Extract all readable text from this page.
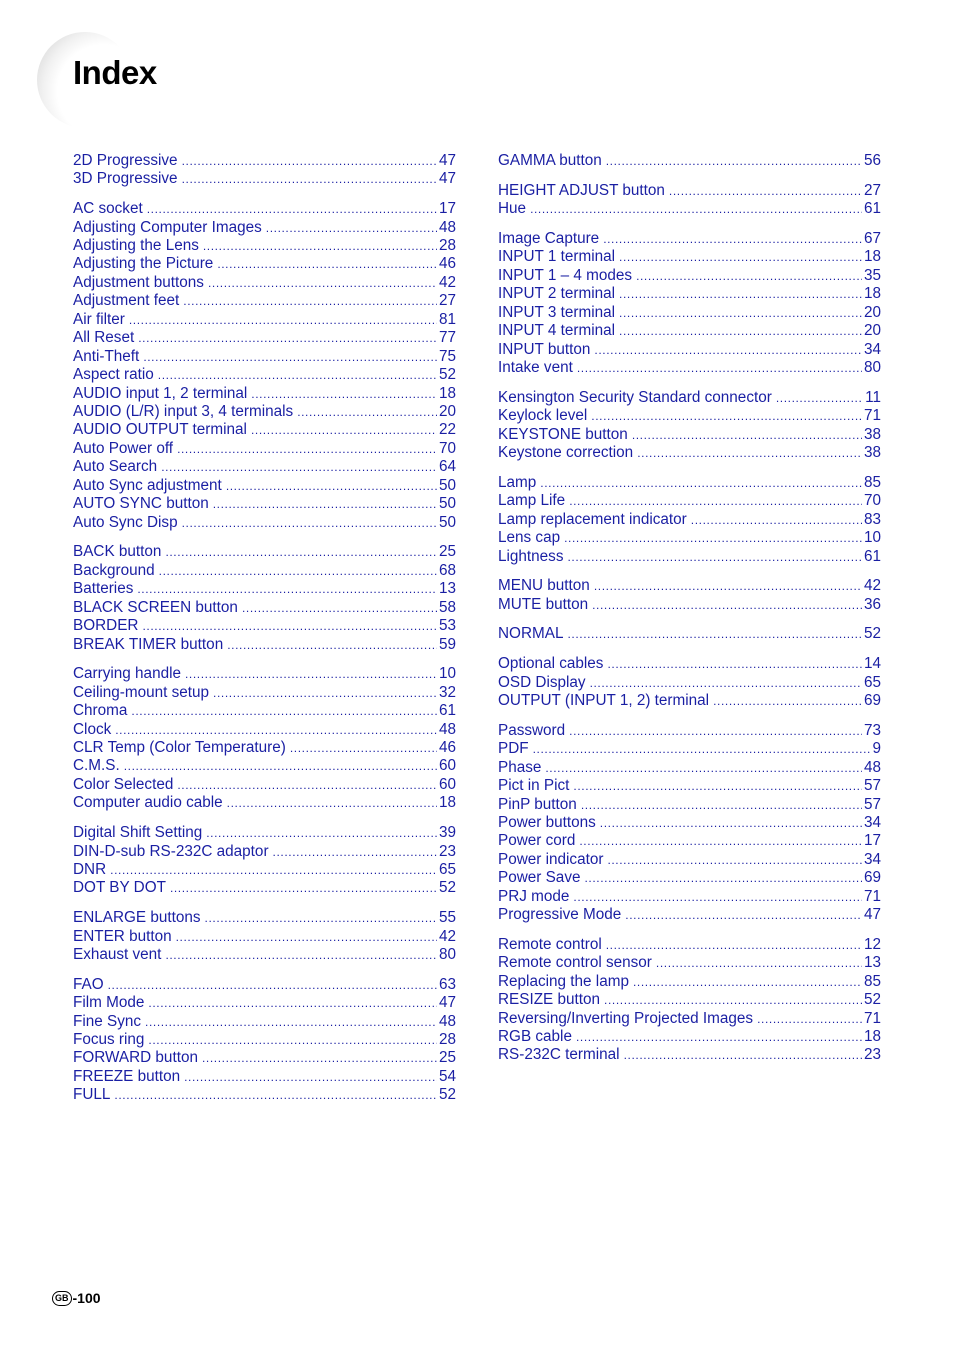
Index
2D Progressive .....	47
3D Progressive .....	47
AC socket .....	17
Adjusting Computer Images .....	48
Adjusting the Lens .....	28
Adjusting the Picture .....	46
Adjustment buttons .....	42
Adjustment feet .....	27
Air filter .....	81
All Reset .....	77
Anti-Theft .....	75
Aspect ratio .....	52
AUDIO input 1, 2 terminal .....	18
AUDIO (L/R) input 3, 4 terminals .....	20
AUDIO OUTPUT terminal .....	22
Auto Power off .....	70
Auto Search .....	64
Auto Sync adjustment .....	50
AUTO SYNC button .....	50
Auto Sync Disp .....	50
BACK button .....	25
Background .....	68
Batteries .....	13
BLACK SCREEN button .....	58
BORDER .....	53
BREAK TIMER button .....	59
Carrying handle .....	10
Ceiling-mount setup .....	32
Chroma .....	61
Clock .....	48
CLR Temp (Color Temperature) .....	46
C.M.S. .....	60
Color Selected .....	60
Computer audio cable .....	18
Digital Shift Setting .....	39
DIN-D-sub RS-232C adaptor .....	23
DNR .....	65
DOT BY DOT .....	52
ENLARGE buttons .....	55
ENTER button .....	42
Exhaust vent .....	80
FAO .....	63
Film Mode .....	47
Fine Sync .....	48
Focus ring .....	28
FORWARD button .....	25
FREEZE button .....	54
FULL .....	52
GAMMA button .....	56
HEIGHT ADJUST button .....	27
Hue .....	61
Image Capture .....	67
INPUT 1 terminal .....	18
INPUT 1 – 4 modes .....	35
INPUT 2 terminal .....	18
INPUT 3 terminal .....	20
INPUT 4 terminal .....	20
INPUT button .....	34
Intake vent .....	80
Kensington Security Standard connector .....	11
Keylock level .....	71
KEYSTONE button .....	38
Keystone correction .....	38
Lamp .....	85
Lamp Life .....	70
Lamp replacement indicator .....	83
Lens cap .....	10
Lightness .....	61
MENU button .....	42
MUTE button .....	36
NORMAL .....	52
Optional cables .....	14
OSD Display .....	65
OUTPUT (INPUT 1, 2) terminal .....	69
Password .....	73
PDF .....	9
Phase .....	48
Pict in Pict .....	57
PinP button .....	57
Power buttons .....	34
Power cord .....	17
Power indicator .....	34
Power Save .....	69
PRJ mode .....	71
Progressive Mode .....	47
Remote control .....	12
Remote control sensor .....	13
Replacing the lamp .....	85
RESIZE button .....	52
Reversing/Inverting Projected Images .....	71
RGB cable .....	18
RS-232C terminal .....	23
GB -100
